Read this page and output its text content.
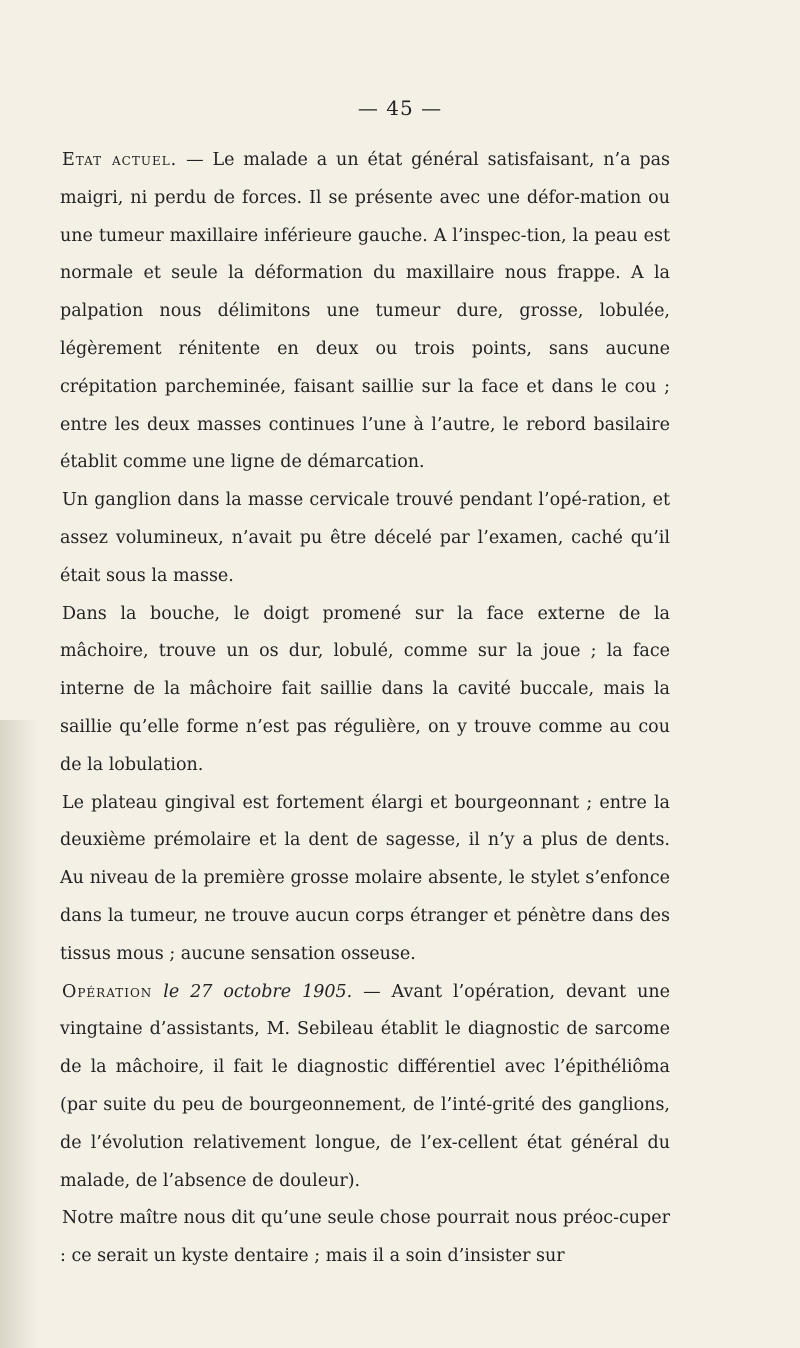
— 45 —

Etat actuel. — Le malade a un état général satisfaisant, n’a pas maigri, ni perdu de forces. Il se présente avec une défor-mation ou une tumeur maxillaire inférieure gauche. A l’inspec-tion, la peau est normale et seule la déformation du maxillaire nous frappe. A la palpation nous délimitons une tumeur dure, grosse, lobulée, légèrement rénitente en deux ou trois points, sans aucune crépitation parcheminée, faisant saillie sur la face et dans le cou ; entre les deux masses continues l’une à l’autre, le rebord basilaire établit comme une ligne de démarcation.

Un ganglion dans la masse cervicale trouvé pendant l’opé-ration, et assez volumineux, n’avait pu être décelé par l’examen, caché qu’il était sous la masse.

Dans la bouche, le doigt promené sur la face externe de la mâchoire, trouve un os dur, lobulé, comme sur la joue ; la face interne de la mâchoire fait saillie dans la cavité buccale, mais la saillie qu’elle forme n’est pas régulière, on y trouve comme au cou de la lobulation.

Le plateau gingival est fortement élargi et bourgeonnant ; entre la deuxième prémolaire et la dent de sagesse, il n’y a plus de dents. Au niveau de la première grosse molaire absente, le stylet s’enfonce dans la tumeur, ne trouve aucun corps étranger et pénètre dans des tissus mous ; aucune sensation osseuse.

Opération le 27 octobre 1905. — Avant l’opération, devant une vingtaine d’assistants, M. Sebileau établit le diagnostic de sarcome de la mâchoire, il fait le diagnostic différentiel avec l’épithéliôma (par suite du peu de bourgeonnement, de l’inté-grité des ganglions, de l’évolution relativement longue, de l’ex-cellent état général du malade, de l’absence de douleur).

Notre maître nous dit qu’une seule chose pourrait nous préoc-cuper : ce serait un kyste dentaire ; mais il a soin d’insister sur
